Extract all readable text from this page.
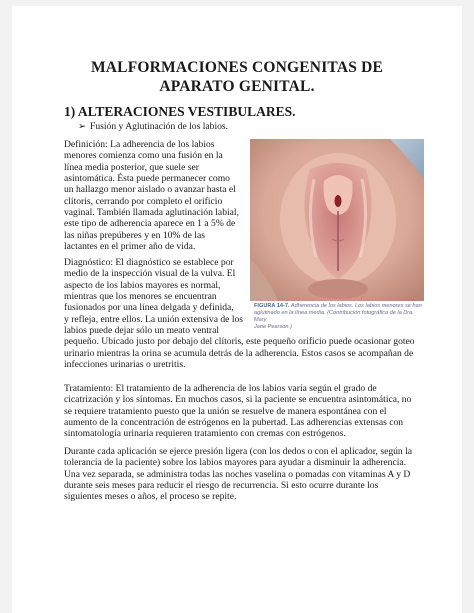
MALFORMACIONES CONGENITAS DE
APARATO GENITAL.
1) ALTERACIONES VESTIBULARES.
➢ Fusión y Aglutinación de los labios.
Definición: La adherencia de los labios
menores comienza como una fusión en la
línea media posterior, que suele ser
asintomática. Ésta puede permanecer como
un hallazgo menor aislado o avanzar hasta el
clítoris, cerrando por completo el orificio
vaginal. También llamada aglutinación labial,
este tipo de adherencia aparece en 1 a 5% de
las niñas prepúberes y en 10% de las
lactantes en el primer año de vida.
FIGURA 14-7. Adherencia de los labios. Los labios menores se han
aglutinado en la línea media. (Contribución fotográfica de la Dra. Mary
Jane Pearson.)
Diagnóstico: El diagnóstico se establece por
medio de la inspección visual de la vulva. El
aspecto de los labios mayores es normal,
mientras que los menores se encuentran
fusionados por una línea delgada y definida,
y refleja, entre ellos. La unión extensiva de los
labios puede dejar sólo un meato ventral
pequeño. Ubicado justo por debajo del clítoris, este pequeño orificio puede ocasionar goteo
urinario mientras la orina se acumula detrás de la adherencia. Estos casos se acompañan de
infecciones urinarias o uretritis.
Tratamiento: El tratamiento de la adherencia de los labios varía según el grado de
cicatrización y los síntomas. En muchos casos, si la paciente se encuentra asintomática, no
se requiere tratamiento puesto que la unión se resuelve de manera espontánea con el
aumento de la concentración de estrógenos en la pubertad. Las adherencias extensas con
sintomatología urinaria requieren tratamiento con cremas con estrógenos.
Durante cada aplicación se ejerce presión ligera (con los dedos o con el aplicador, según la
tolerancia de la paciente) sobre los labios mayores para ayudar a disminuir la adherencia.
Una vez separada, se administra todas las noches vaselina o pomadas con vitaminas A y D
durante seis meses para reducir el riesgo de recurrencia. Si esto ocurre durante los
siguientes meses o años, el proceso se repite.
